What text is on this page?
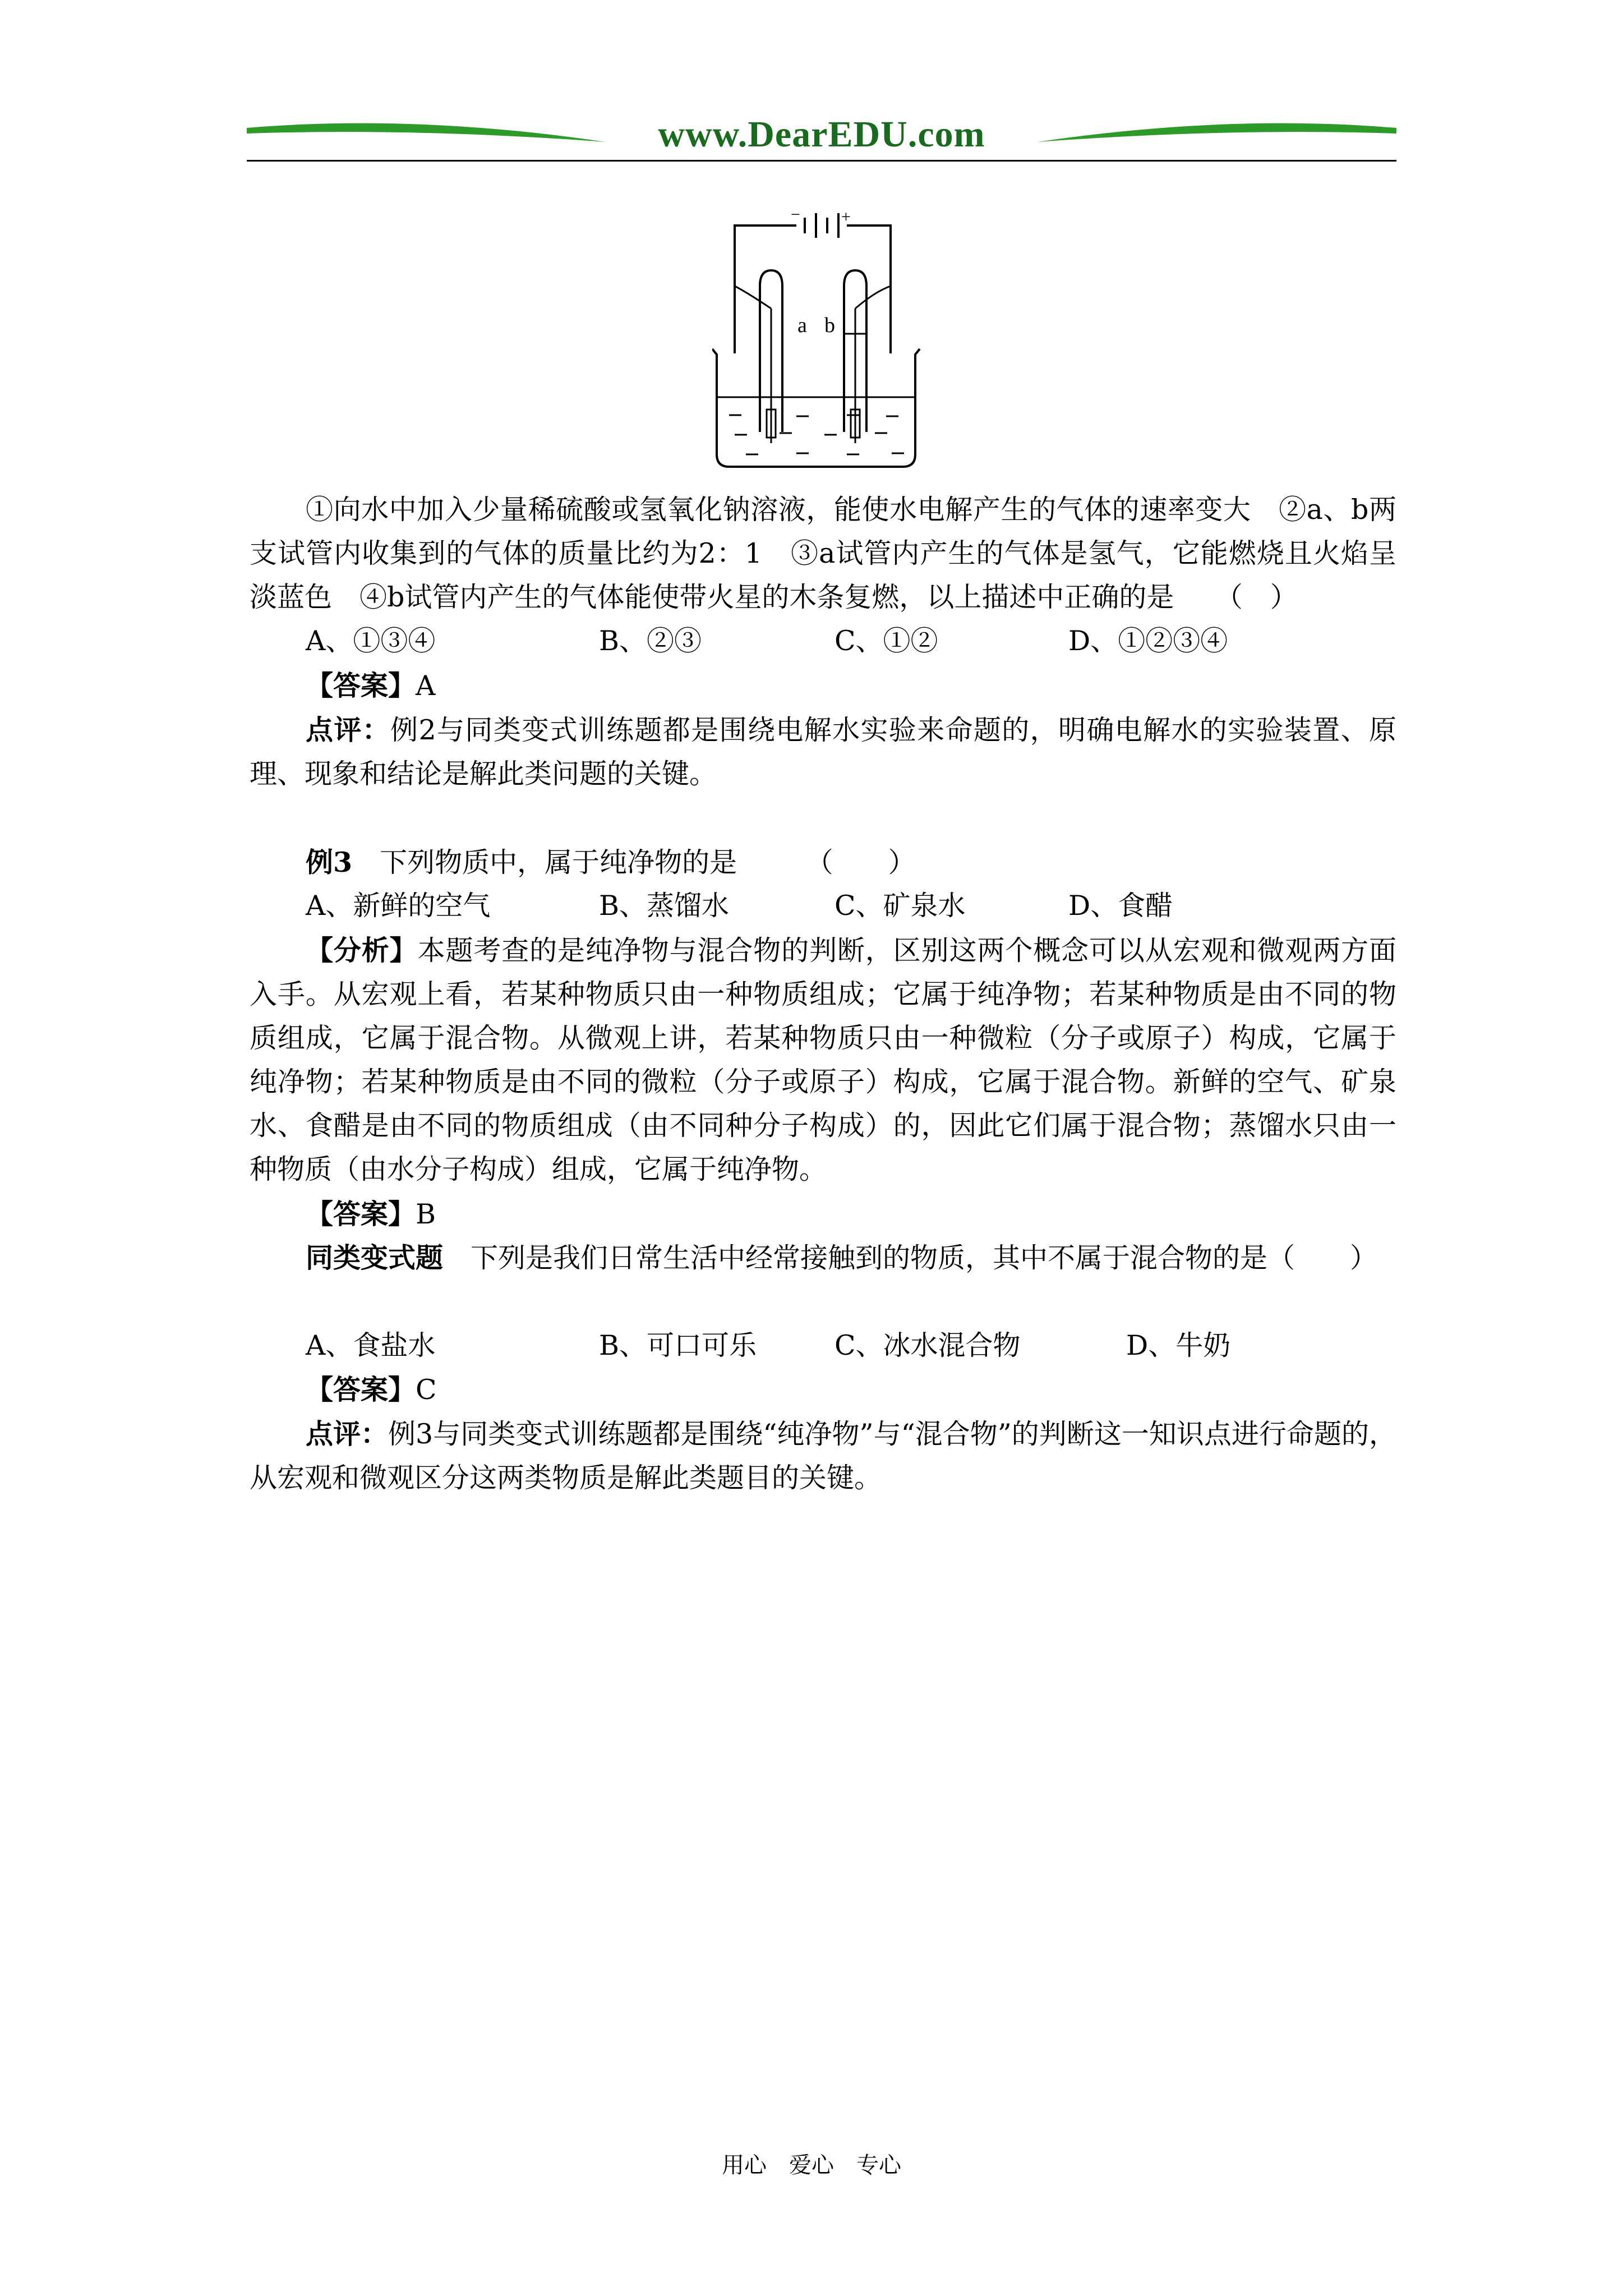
www.DearEDU.com
− +
a b
①向水中加入少量稀硫酸或氢氧化钠溶液，能使水电解产生的气体的速率变大　②a、b两支试管内收集到的气体的质量比约为2：1　③a试管内产生的气体是氢气，它能燃烧且火焰呈淡蓝色　④b试管内产生的气体能使带火星的木条复燃，以上描述中正确的是　　（　）
A、①③④	B、②③	C、①②	D、①②③④
【答案】A
点评：例2与同类变式训练题都是围绕电解水实验来命题的，明确电解水的实验装置、原理、现象和结论是解此类问题的关键。
例3　下列物质中，属于纯净物的是　　　（　　）
A、新鲜的空气	B、蒸馏水	C、矿泉水	D、食醋
【分析】本题考查的是纯净物与混合物的判断，区别这两个概念可以从宏观和微观两方面入手。从宏观上看，若某种物质只由一种物质组成；它属于纯净物；若某种物质是由不同的物质组成，它属于混合物。从微观上讲，若某种物质只由一种微粒（分子或原子）构成，它属于纯净物；若某种物质是由不同的微粒（分子或原子）构成，它属于混合物。新鲜的空气、矿泉水、食醋是由不同的物质组成（由不同种分子构成）的，因此它们属于混合物；蒸馏水只由一种物质（由水分子构成）组成，它属于纯净物。
【答案】B
同类变式题　下列是我们日常生活中经常接触到的物质，其中不属于混合物的是（　　）
A、食盐水	B、可口可乐	C、冰水混合物	D、牛奶
【答案】C
点评：例3与同类变式训练题都是围绕“纯净物”与“混合物”的判断这一知识点进行命题的，从宏观和微观区分这两类物质是解此类题目的关键。
用心　爱心　专心
